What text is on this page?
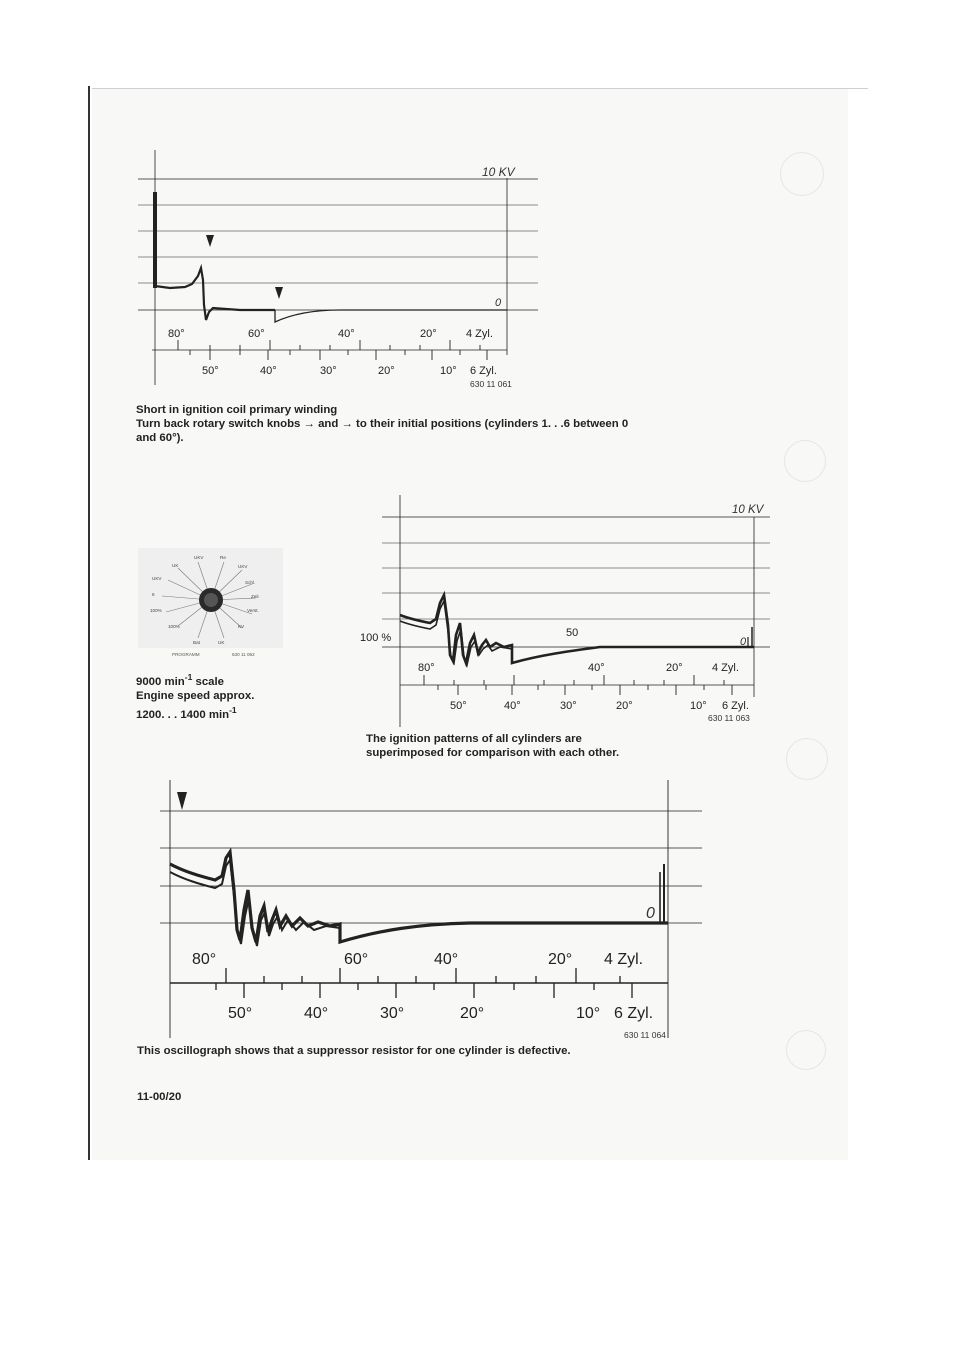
10 KV
0
80°	60°	40°	20°	4 Zyl.
50°	40°	30°	20°	10° 6 Zyl.
630 11 061
Short in ignition coil primary winding
Turn back rotary switch knobs → and → to their initial positions (cylinders 1. . .6 between 0
and 60°).
UKV	Re
UK	UKV
Schl.
Zeit
Verst.
KV
Bat
100%
100%
6
UKV
UK
PROGRAMM	630 11 062
9000 $\min^{-1}$ scale
Engine speed approx.
1200. . . 1400 $\min^{-1}$
10 KV
0
50
80°	40°	20°	4 Zyl.
50°	40°	30°	20°	10° 6 Zyl.
630 11 063
100 %
The ignition patterns of all cylinders are
superimposed for comparison with each other.
0
80°	60°	40°	20° 4 Zyl.
50°	40°	30°	20°	10° 6 Zyl.
630 11 064
This oscillograph shows that a suppressor resistor for one cylinder is defective.
11-00/20
